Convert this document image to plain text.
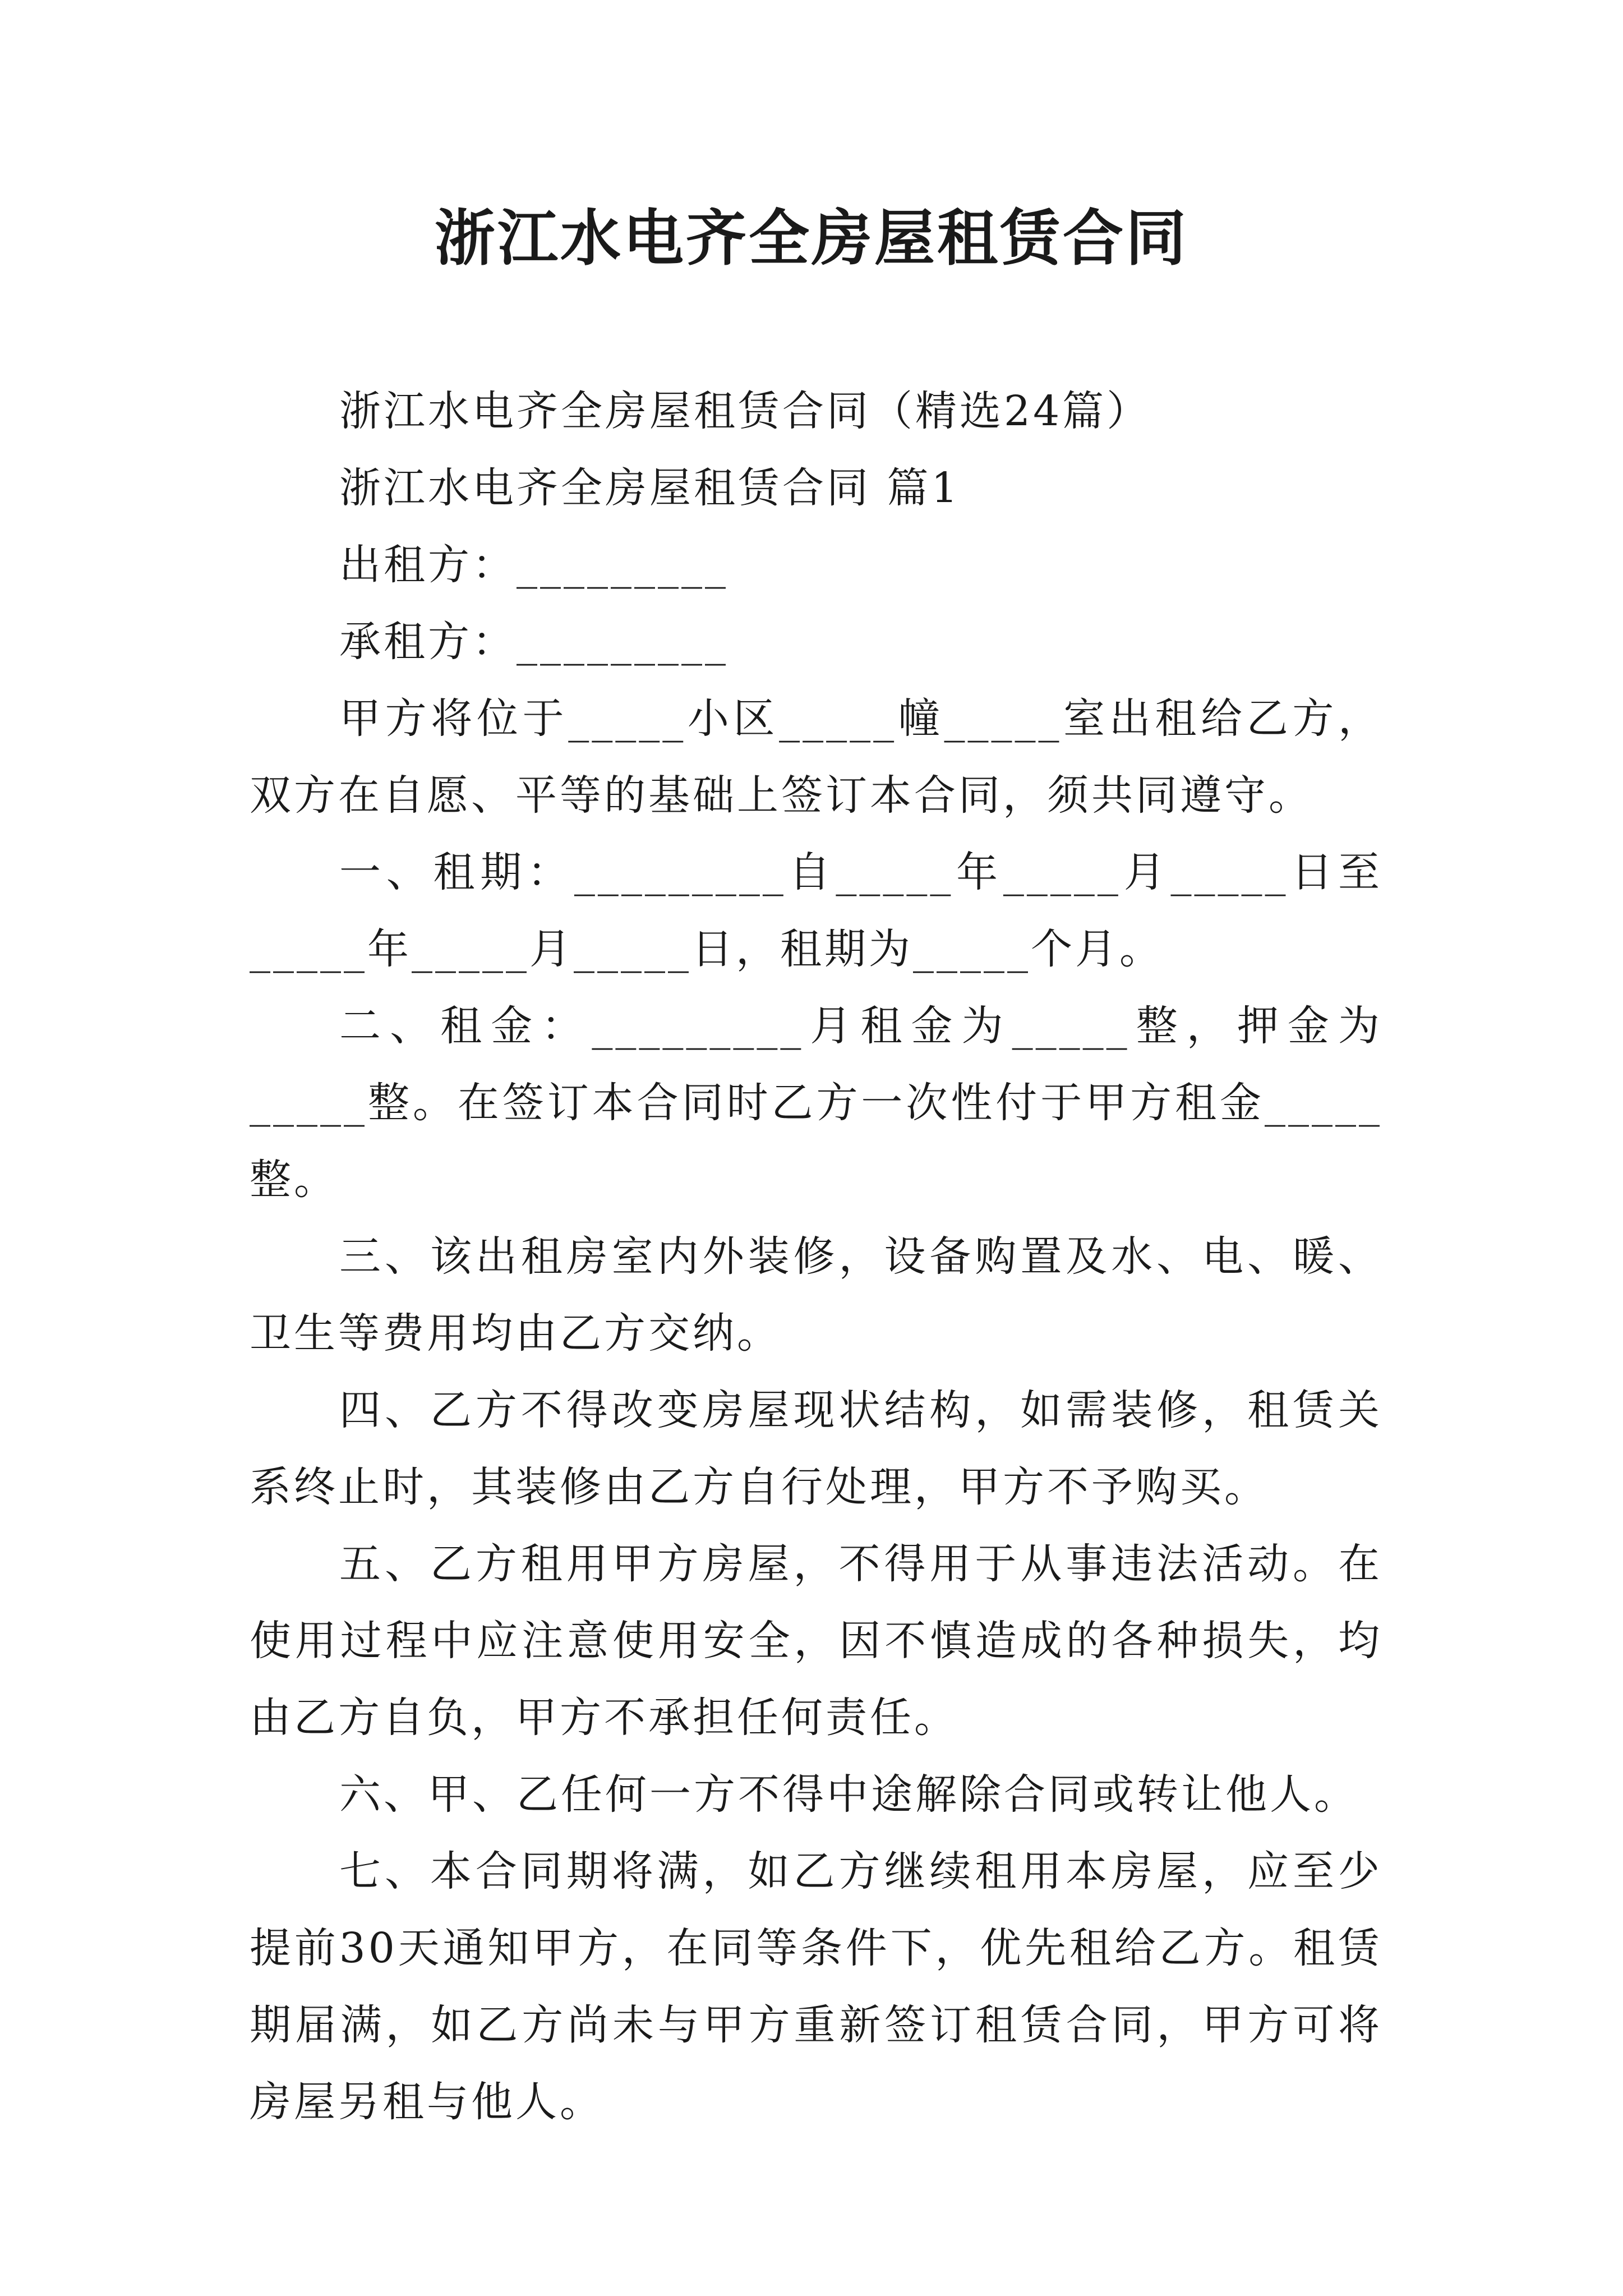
浙江水电齐全房屋租赁合同

浙江水电齐全房屋租赁合同（精选24篇）

浙江水电齐全房屋租赁合同 篇1

出租方：_________

承租方：_________

甲方将位于_____小区_____幢_____室出租给乙方，双方在自愿、平等的基础上签订本合同，须共同遵守。

一、租期：_________自_____年_____月_____日至_____年_____月_____日，租期为_____个月。

二、租金：_________月租金为_____整，押金为_____整。在签订本合同时乙方一次性付于甲方租金_____整。

三、该出租房室内外装修，设备购置及水、电、暖、卫生等费用均由乙方交纳。

四、乙方不得改变房屋现状结构，如需装修，租赁关系终止时，其装修由乙方自行处理，甲方不予购买。

五、乙方租用甲方房屋，不得用于从事违法活动。在使用过程中应注意使用安全，因不慎造成的各种损失，均由乙方自负，甲方不承担任何责任。

六、甲、乙任何一方不得中途解除合同或转让他人。

七、本合同期将满，如乙方继续租用本房屋，应至少提前30天通知甲方，在同等条件下，优先租给乙方。租赁期届满，如乙方尚未与甲方重新签订租赁合同，甲方可将房屋另租与他人。
